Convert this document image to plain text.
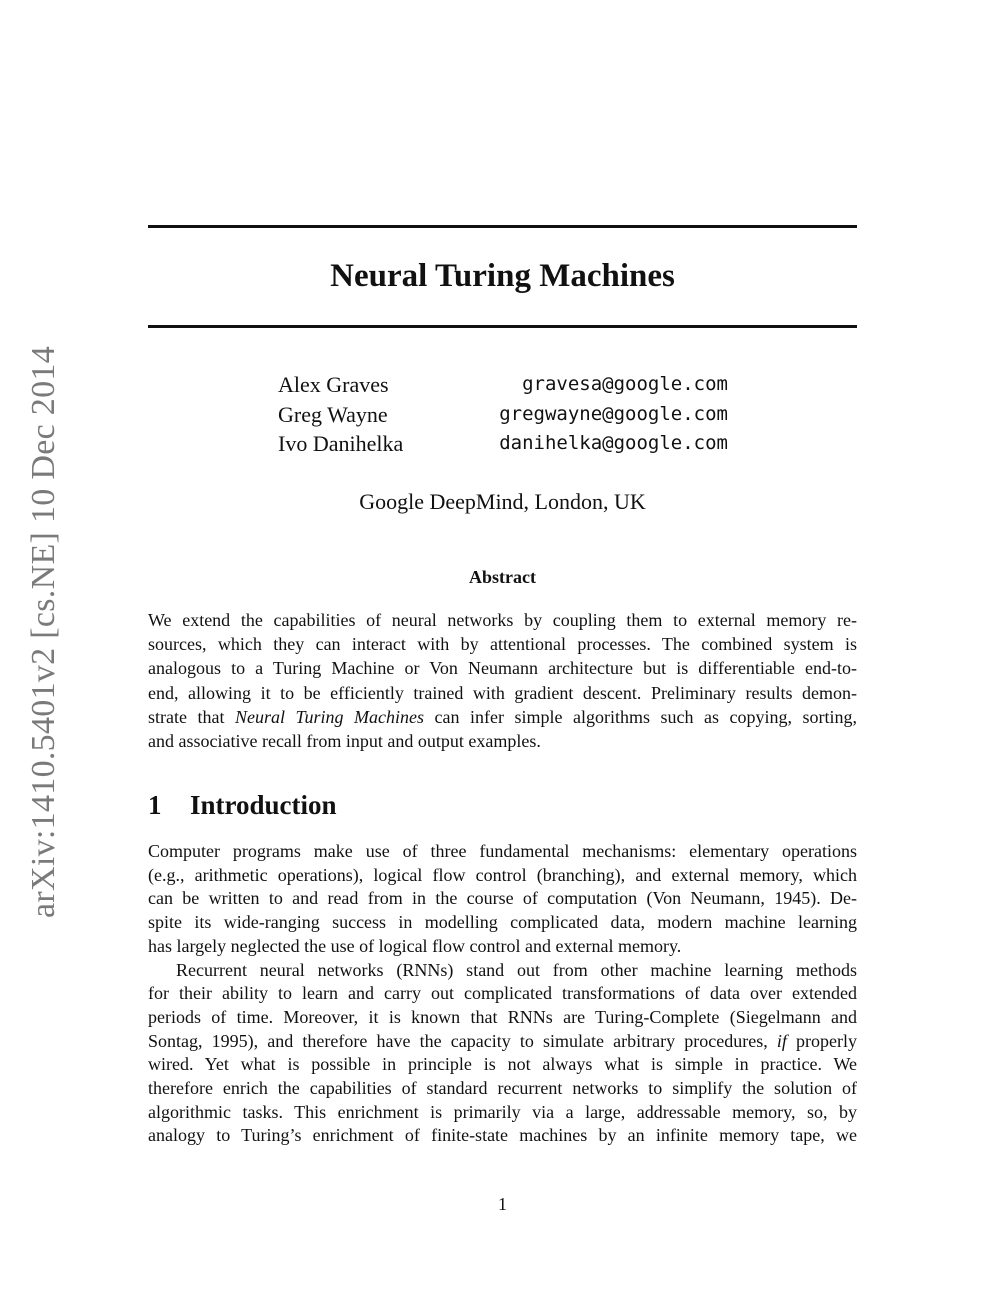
arXiv:1410.5401v2 [cs.NE] 10 Dec 2014
Neural Turing Machines
Alex Graves	gravesa@google.com
Greg Wayne	gregwayne@google.com
Ivo Danihelka	danihelka@google.com
Google DeepMind, London, UK
Abstract
We extend the capabilities of neural networks by coupling them to external memory re-
sources, which they can interact with by attentional processes. The combined system is
analogous to a Turing Machine or Von Neumann architecture but is differentiable end-to-
end, allowing it to be efficiently trained with gradient descent. Preliminary results demon-
strate that Neural Turing Machines can infer simple algorithms such as copying, sorting,
and associative recall from input and output examples.
1 Introduction
Computer programs make use of three fundamental mechanisms: elementary operations
(e.g., arithmetic operations), logical flow control (branching), and external memory, which
can be written to and read from in the course of computation (Von Neumann, 1945). De-
spite its wide-ranging success in modelling complicated data, modern machine learning
has largely neglected the use of logical flow control and external memory.
Recurrent neural networks (RNNs) stand out from other machine learning methods
for their ability to learn and carry out complicated transformations of data over extended
periods of time. Moreover, it is known that RNNs are Turing-Complete (Siegelmann and
Sontag, 1995), and therefore have the capacity to simulate arbitrary procedures, if properly
wired. Yet what is possible in principle is not always what is simple in practice. We
therefore enrich the capabilities of standard recurrent networks to simplify the solution of
algorithmic tasks. This enrichment is primarily via a large, addressable memory, so, by
analogy to Turing’s enrichment of finite-state machines by an infinite memory tape, we
1
